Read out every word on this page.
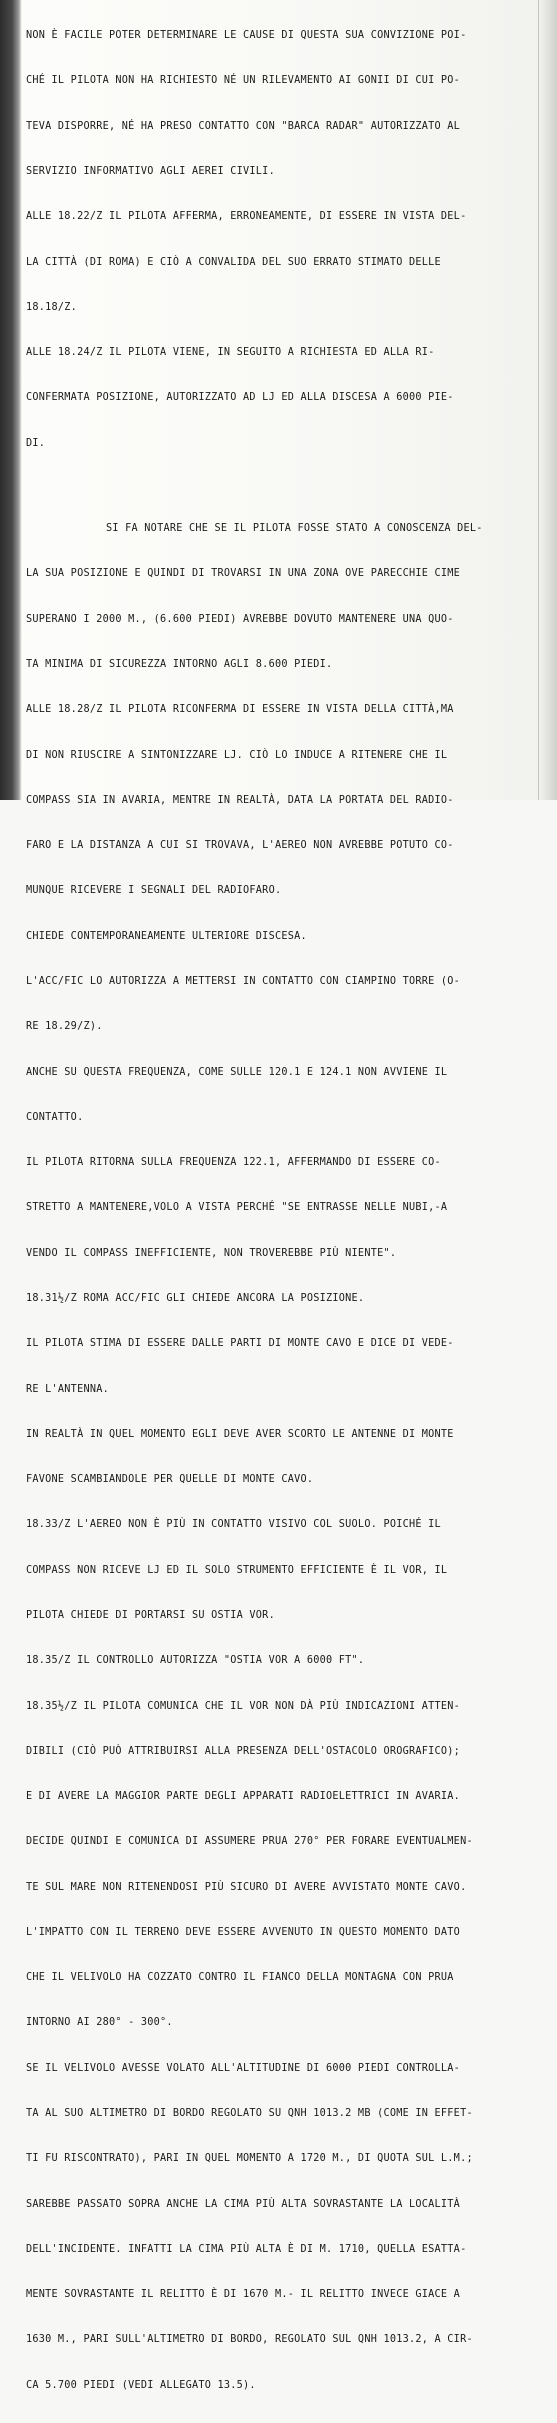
NON È FACILE POTER DETERMINARE LE CAUSE DI QUESTA SUA CONVIZIONE POI-

CHÉ IL PILOTA NON HA RICHIESTO NÉ UN RILEVAMENTO AI GONII DI CUI PO-

TEVA DISPORRE, NÉ HA PRESO CONTATTO CON "BARCA RADAR" AUTORIZZATO AL

SERVIZIO INFORMATIVO AGLI AEREI CIVILI.

ALLE 18.22/Z IL PILOTA AFFERMA, ERRONEAMENTE, DI ESSERE IN VISTA DEL-

LA CITTÀ (DI ROMA) E CIÒ A CONVALIDA DEL SUO ERRATO STIMATO DELLE

18.18/Z.

ALLE 18.24/Z IL PILOTA VIENE, IN SEGUITO A RICHIESTA ED ALLA RI-

CONFERMATA POSIZIONE, AUTORIZZATO AD LJ ED ALLA DISCESA A 6000 PIE-

DI.

SI FA NOTARE CHE SE IL PILOTA FOSSE STATO A CONOSCENZA DEL-

LA SUA POSIZIONE E QUINDI DI TROVARSI IN UNA ZONA OVE PARECCHIE CIME

SUPERANO I 2000 M., (6.600 PIEDI) AVREBBE DOVUTO MANTENERE UNA QUO-

TA MINIMA DI SICUREZZA INTORNO AGLI 8.600 PIEDI.

ALLE 18.28/Z IL PILOTA RICONFERMA DI ESSERE IN VISTA DELLA CITTÀ,MA

DI NON RIUSCIRE A SINTONIZZARE LJ. CIÒ LO INDUCE A RITENERE CHE IL

COMPASS SIA IN AVARIA, MENTRE IN REALTÀ, DATA LA PORTATA DEL RADIO-

FARO E LA DISTANZA A CUI SI TROVAVA, L'AEREO NON AVREBBE POTUTO CO-

MUNQUE RICEVERE I SEGNALI DEL RADIOFARO.

CHIEDE CONTEMPORANEAMENTE ULTERIORE DISCESA.

L'ACC/FIC LO AUTORIZZA A METTERSI IN CONTATTO CON CIAMPINO TORRE (O-

RE 18.29/Z).

ANCHE SU QUESTA FREQUENZA, COME SULLE 120.1 E 124.1 NON AVVIENE IL

CONTATTO.

IL PILOTA RITORNA SULLA FREQUENZA 122.1, AFFERMANDO DI ESSERE CO-

STRETTO A MANTENERE,VOLO A VISTA PERCHÉ "SE ENTRASSE NELLE NUBI,-A

VENDO IL COMPASS INEFFICIENTE, NON TROVEREBBE PIÙ NIENTE".

18.31½/Z ROMA ACC/FIC GLI CHIEDE ANCORA LA POSIZIONE.

IL PILOTA STIMA DI ESSERE DALLE PARTI DI MONTE CAVO E DICE DI VEDE-

RE L'ANTENNA.

IN REALTÀ IN QUEL MOMENTO EGLI DEVE AVER SCORTO LE ANTENNE DI MONTE

FAVONE SCAMBIANDOLE PER QUELLE DI MONTE CAVO.

18.33/Z L'AEREO NON È PIÙ IN CONTATTO VISIVO COL SUOLO. POICHÉ IL

COMPASS NON RICEVE LJ ED IL SOLO STRUMENTO EFFICIENTE È IL VOR, IL

PILOTA CHIEDE DI PORTARSI SU OSTIA VOR.

18.35/Z IL CONTROLLO AUTORIZZA "OSTIA VOR A 6000 FT".

18.35½/Z IL PILOTA COMUNICA CHE IL VOR NON DÀ PIÙ INDICAZIONI ATTEN-

DIBILI (CIÒ PUÒ ATTRIBUIRSI ALLA PRESENZA DELL'OSTACOLO OROGRAFICO);

E DI AVERE LA MAGGIOR PARTE DEGLI APPARATI RADIOELETTRICI IN AVARIA.

DECIDE QUINDI E COMUNICA DI ASSUMERE PRUA 270° PER FORARE EVENTUALMEN-

TE SUL MARE NON RITENENDOSI PIÙ SICURO DI AVERE AVVISTATO MONTE CAVO.

L'IMPATTO CON IL TERRENO DEVE ESSERE AVVENUTO IN QUESTO MOMENTO DATO

CHE IL VELIVOLO HA COZZATO CONTRO IL FIANCO DELLA MONTAGNA CON PRUA

INTORNO AI 280° - 300°.

SE IL VELIVOLO AVESSE VOLATO ALL'ALTITUDINE DI 6000 PIEDI CONTROLLA-

TA AL SUO ALTIMETRO DI BORDO REGOLATO SU QNH 1013.2 MB (COME IN EFFET-

TI FU RISCONTRATO), PARI IN QUEL MOMENTO A 1720 M., DI QUOTA SUL L.M.;

SAREBBE PASSATO SOPRA ANCHE LA CIMA PIÙ ALTA SOVRASTANTE LA LOCALITÀ

DELL'INCIDENTE. INFATTI LA CIMA PIÙ ALTA È DI M. 1710, QUELLA ESATTA-

MENTE SOVRASTANTE IL RELITTO È DI 1670 M.- IL RELITTO INVECE GIACE A

1630 M., PARI SULL'ALTIMETRO DI BORDO, REGOLATO SUL QNH 1013.2, A CIR-

CA 5.700 PIEDI (VEDI ALLEGATO 13.5).
